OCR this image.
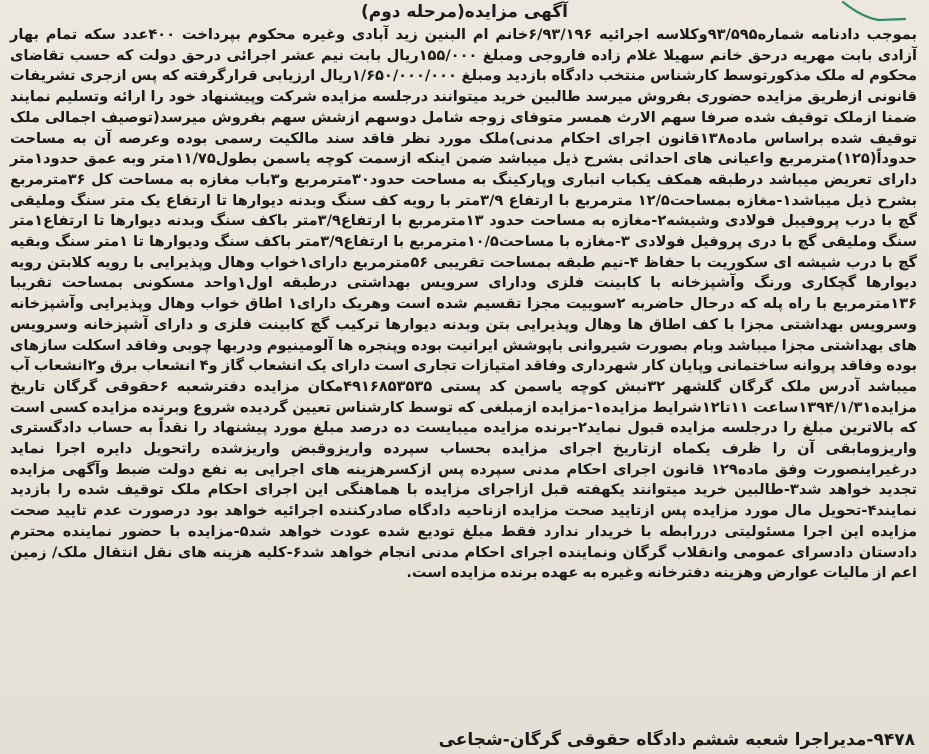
آگهی مزایده(مرحله دوم)
بموجب دادنامه شماره۹۳/۵۹۵وکلاسه اجرائیه ۶/۹۳/۱۹۶خانم ام البنین زید آبادی وغیره محکوم بپرداخت ۴۰۰عدد سکه تمام بهار آزادی بابت مهریه درحق خانم سهیلا غلام زاده فاروجی ومبلغ ۱۵۵/۰۰۰ریال بابت نیم عشر اجرائی درحق دولت که حسب تقاضای محکوم له ملک مذکورتوسط کارشناس منتخب دادگاه بازدید ومبلغ ۱/۶۵۰/۰۰۰/۰۰۰ریال ارزیابی قرارگرفته که پس ازجری تشریفات قانونی ازطریق مزایده حضوری بفروش میرسد طالبین خرید میتوانند درجلسه مزایده شرکت وپیشنهاد خود را ارائه وتسلیم نمایند ضمنا ازملک توقیف شده صرفا سهم الارث همسر متوفای زوجه شامل دوسهم ازشش سهم بفروش میرسد(توصیف اجمالی ملک توقیف شده براساس ماده۱۳۸قانون اجرای احکام مدنی)ملک مورد نظر فاقد سند مالکیت رسمی بوده وعرصه آن به مساحت حدوداً(۱۲۵)مترمربع واعیانی های احداثی بشرح ذیل میباشد ضمن اینکه ازسمت کوچه یاسمن بطول۱۱/۷۵متر وبه عمق حدود۱متر دارای تعریض میباشد درطبقه همکف یکباب انباری وپارکینگ به مساحت حدود۳۰مترمربع و۳باب مغازه به مساحت کل ۳۶مترمربع بشرح ذیل میباشد۱-مغازه بمساحت۱۲/۵ مترمربع با ارتفاع ۳/۹متر با رویه کف سنگ وبدنه دیوارها تا ارتفاع یک متر سنگ وملیقی گچ با درب پروفیبل فولادی وشیشه۲-مغازه به مساحت حدود ۱۳مترمربع با ارتفاع۳/۹متر باکف سنگ وبدنه دیوارها تا ارتفاع۱متر سنگ وملیقی گچ با دری پروفیل فولادی ۳-مغازه با مساحت۱۰/۵مترمربع با ارتفاع۳/۹متر باکف سنگ ودیوارها تا ۱متر سنگ وبقیه گچ با درب شیشه ای سکوریت با حفاظ ۴-نیم طبقه بمساحت تقریبی ۵۶مترمربع دارای۱خواب وهال وپذیرایی با رویه کلابتن رویه دیوارها گچکاری ورنگ وآشپزخانه با کابینت فلزی ودارای سرویس بهداشتی درطبقه اول۱واحد مسکونی بمساحت تقریبا ۱۳۶مترمربع با راه پله که درحال حاضربه ۲سوییت مجزا تقسیم شده است وهریک دارای۱ اطاق خواب وهال وپذیرایی وآشپزخانه وسرویس بهداشتی مجزا با کف اطاق ها وهال وپذیرایی بتن وبدنه دیوارها ترکیب گچ کابینت فلزی و دارای آشپزخانه وسرویس های بهداشتی مجزا میباشد وبام بصورت شیروانی باپوشش ایرانیت بوده وپنجره ها آلومینیوم ودربها چوبی وفاقد اسکلت سازهای بوده وفاقد پروانه ساختمانی وپایان کار شهرداری وفاقد امتیازات تجاری است دارای یک انشعاب گاز و۴ انشعاب برق و۲انشعاب آب میباشد آدرس ملک گرگان گلشهر ۳۲نبش کوچه یاسمن کد پستی ۴۹۱۶۸۵۳۵۳۵مکان مزایده دفترشعبه ۶حقوقی گرگان تاریخ مزایده۱۳۹۴/۱/۳۱ساعت ۱۱تا۱۲شرایط مزایده۱-مزایده ازمبلغی که توسط کارشناس تعیین گردیده شروع وبرنده مزایده کسی است که بالاترین مبلغ را درجلسه مزایده قبول نماید۲-برنده مزایده میبایست ده درصد مبلغ مورد پیشنهاد را نقداً به حساب دادگستری واریزومابقی آن را ظرف یکماه ازتاریخ اجرای مزایده بحساب سپرده واریزوقبض واریزشده راتحویل دایره اجرا نماید درغیراینصورت وفق ماده۱۲۹ قانون اجرای احکام مدنی سپرده پس ازکسرهزینه های اجرایی به نفع دولت ضبط وآگهی مزایده تجدید خواهد شد۳-طالبین خرید میتوانند یکهفته قبل ازاجرای مزایده با هماهنگی این اجرای احکام ملک توقیف شده را بازدید نمایند۴-تحویل مال مورد مزایده پس ازتایید صحت مزایده ازناحیه دادگاه صادرکننده اجرائیه خواهد بود درصورت عدم تایید صحت مزایده این اجرا مسئولیتی دررابطه با خریدار ندارد فقط مبلغ تودیع شده عودت خواهد شد۵-مزایده با حضور نماینده محترم دادستان دادسرای عمومی وانقلاب گرگان ونماینده اجرای احکام مدنی انجام خواهد شد۶-کلیه هزینه های نقل انتقال ملک/ زمین اعم از مالیات عوارض وهزینه دفترخانه وغیره به عهده برنده مزایده است.
۹۴۷۸-مدیراجرا شعبه ششم دادگاه حقوقی گرگان-شجاعی
